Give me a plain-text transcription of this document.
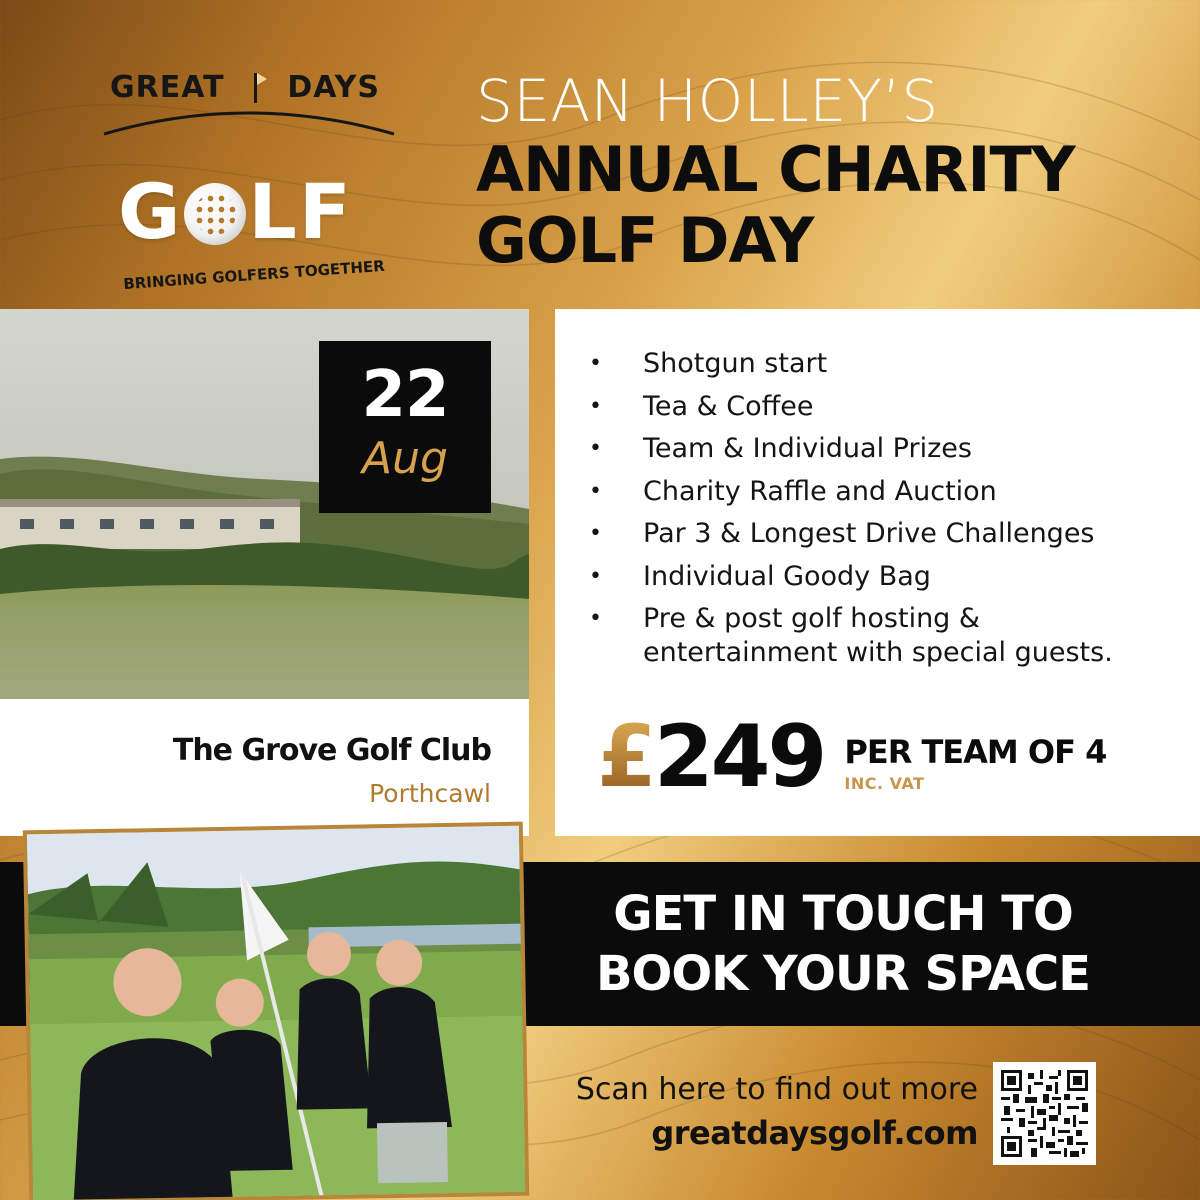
GREAT DAYS
G LF
BRINGING GOLFERS TOGETHER
SEAN HOLLEY’S
ANNUAL CHARITY
GOLF DAY
22
Aug
The Grove Golf Club
Porthcawl
• Shotgun start
• Tea & Coffee
• Team & Individual Prizes
• Charity Raffle and Auction
• Par 3 & Longest Drive Challenges
• Individual Goody Bag
• Pre & post golf hosting & entertainment with special guests.
£249 PER TEAM OF 4
INC. VAT
GET IN TOUCH TO
BOOK YOUR SPACE
Scan here to find out more
greatdaysgolf.com
